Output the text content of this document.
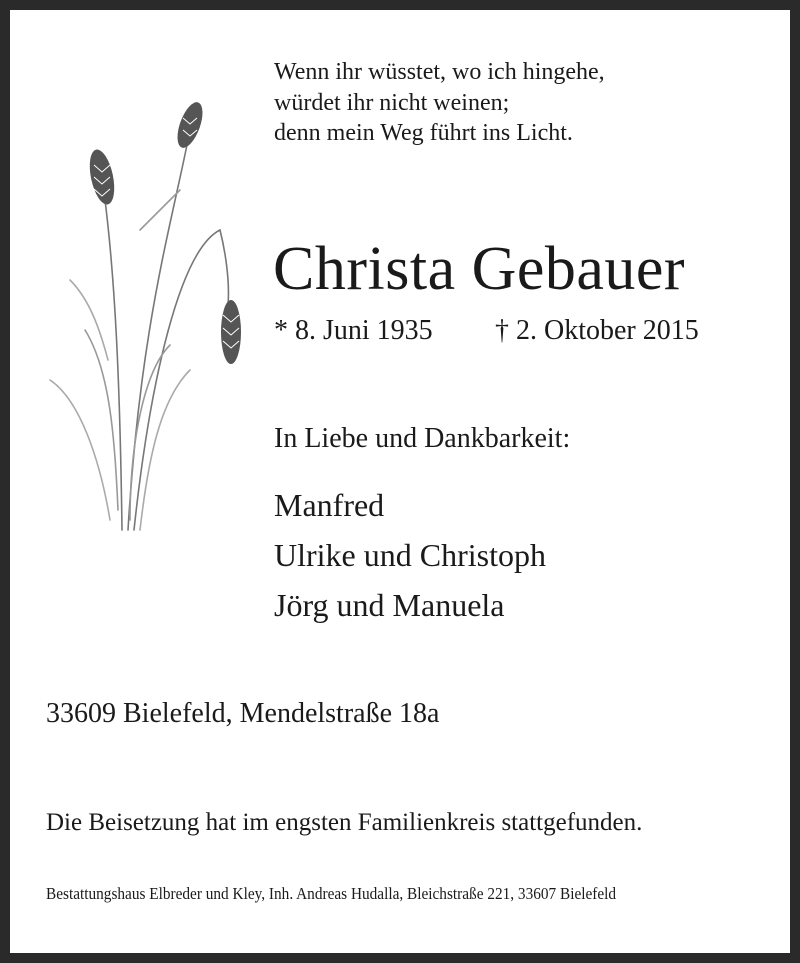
Wenn ihr wüsstet, wo ich hingehe,
würdet ihr nicht weinen;
denn mein Weg führt ins Licht.
Christa Gebauer
* 8. Juni 1935 † 2. Oktober 2015
In Liebe und Dankbarkeit:
Manfred
Ulrike und Christoph
Jörg und Manuela
33609 Bielefeld, Mendelstraße 18a
Die Beisetzung hat im engsten Familienkreis stattgefunden.
Bestattungshaus Elbreder und Kley, Inh. Andreas Hudalla, Bleichstraße 221, 33607 Bielefeld
